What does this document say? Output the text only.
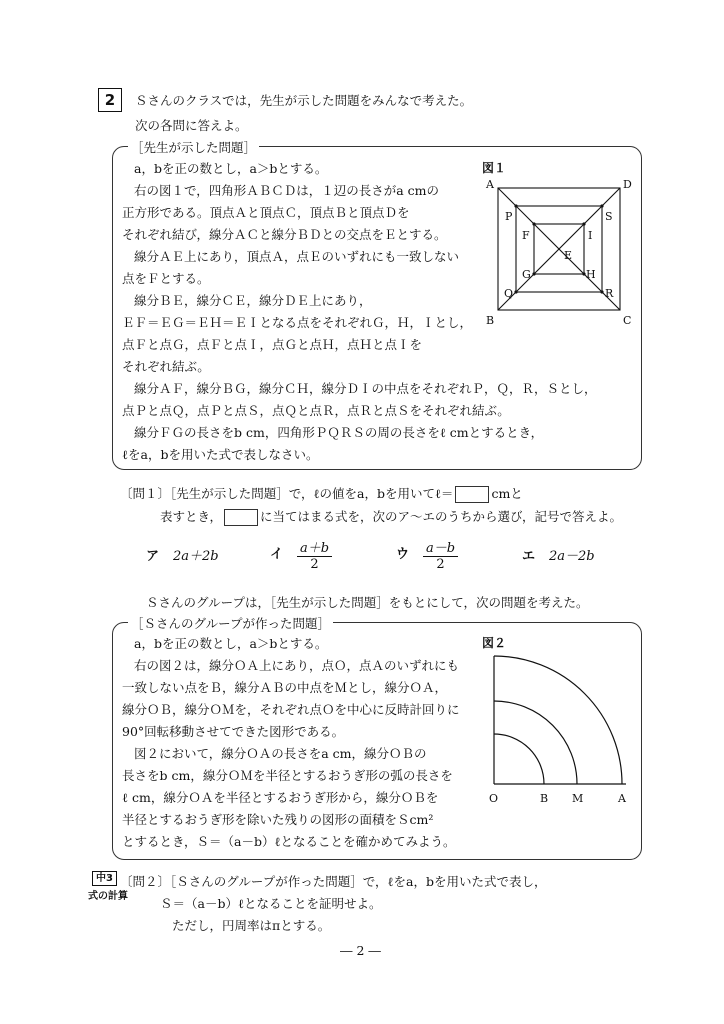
2	Ｓさんのクラスでは，先生が示した問題をみんなで考えた。
次の各問に答えよ。
［先生が示した問題］
a，bを正の数とし，a＞bとする。
右の図１で，四角形ＡＢＣＤは，１辺の長さがa cmの
正方形である。頂点Ａと頂点Ｃ，頂点Ｂと頂点Ｄを
それぞれ結び，線分ＡＣと線分ＢＤとの交点をＥとする。
線分ＡＥ上にあり，頂点Ａ，点Ｅのいずれにも一致しない
点をＦとする。
線分ＢＥ，線分ＣＥ，線分ＤＥ上にあり，
ＥＦ＝ＥＧ＝ＥＨ＝ＥＩとなる点をそれぞれＧ，Ｈ，Ｉとし，
点Ｆと点Ｇ，点Ｆと点Ｉ，点Ｇと点Ｈ，点Ｈと点Ｉを
それぞれ結ぶ。
線分ＡＦ，線分ＢＧ，線分ＣＨ，線分ＤＩの中点をそれぞれＰ，Ｑ，Ｒ，Ｓとし，
点Ｐと点Ｑ，点Ｐと点Ｓ，点Ｑと点Ｒ，点Ｒと点Ｓをそれぞれ結ぶ。
線分ＦＧの長さをb cm，四角形ＰＱＲＳの周の長さをℓ cmとするとき，
ℓをa，bを用いた式で表しなさい。
図１
A	D
B	C
P	S
Q	R
F	I
G	H
E
〔問１〕［先生が示した問題］で，ℓの値をa，bを用いてℓ＝	cmと
表すとき，	に当てはまる式を，次のア～エのうちから選び，記号で答えよ。
ア 2a＋2b	イ $\frac{a+b}{2}$	ウ $\frac{a-b}{2}$	エ 2a－2b
Ｓさんのグループは，［先生が示した問題］をもとにして，次の問題を考えた。
［Ｓさんのグループが作った問題］
a，bを正の数とし，a＞bとする。
右の図２は，線分ＯＡ上にあり，点Ｏ，点Ａのいずれにも
一致しない点をＢ，線分ＡＢの中点をＭとし，線分ＯＡ，
線分ＯＢ，線分ＯＭを，それぞれ点Ｏを中心に反時計回りに
90°回転移動させてできた図形である。
図２において，線分ＯＡの長さをa cm，線分ＯＢの
長さをb cm，線分ＯＭを半径とするおうぎ形の弧の長さを
ℓ cm，線分ＯＡを半径とするおうぎ形から，線分ＯＢを
半径とするおうぎ形を除いた残りの図形の面積をＳcm²
とするとき，Ｓ＝（a－b）ℓとなることを確かめてみよう。
図２
O	B M	A
中3
式の計算
〔問２〕［Ｓさんのグループが作った問題］で，ℓをa，bを用いた式で表し，
Ｓ＝（a－b）ℓとなることを証明せよ。
ただし，円周率はπとする。
― 2 ―
